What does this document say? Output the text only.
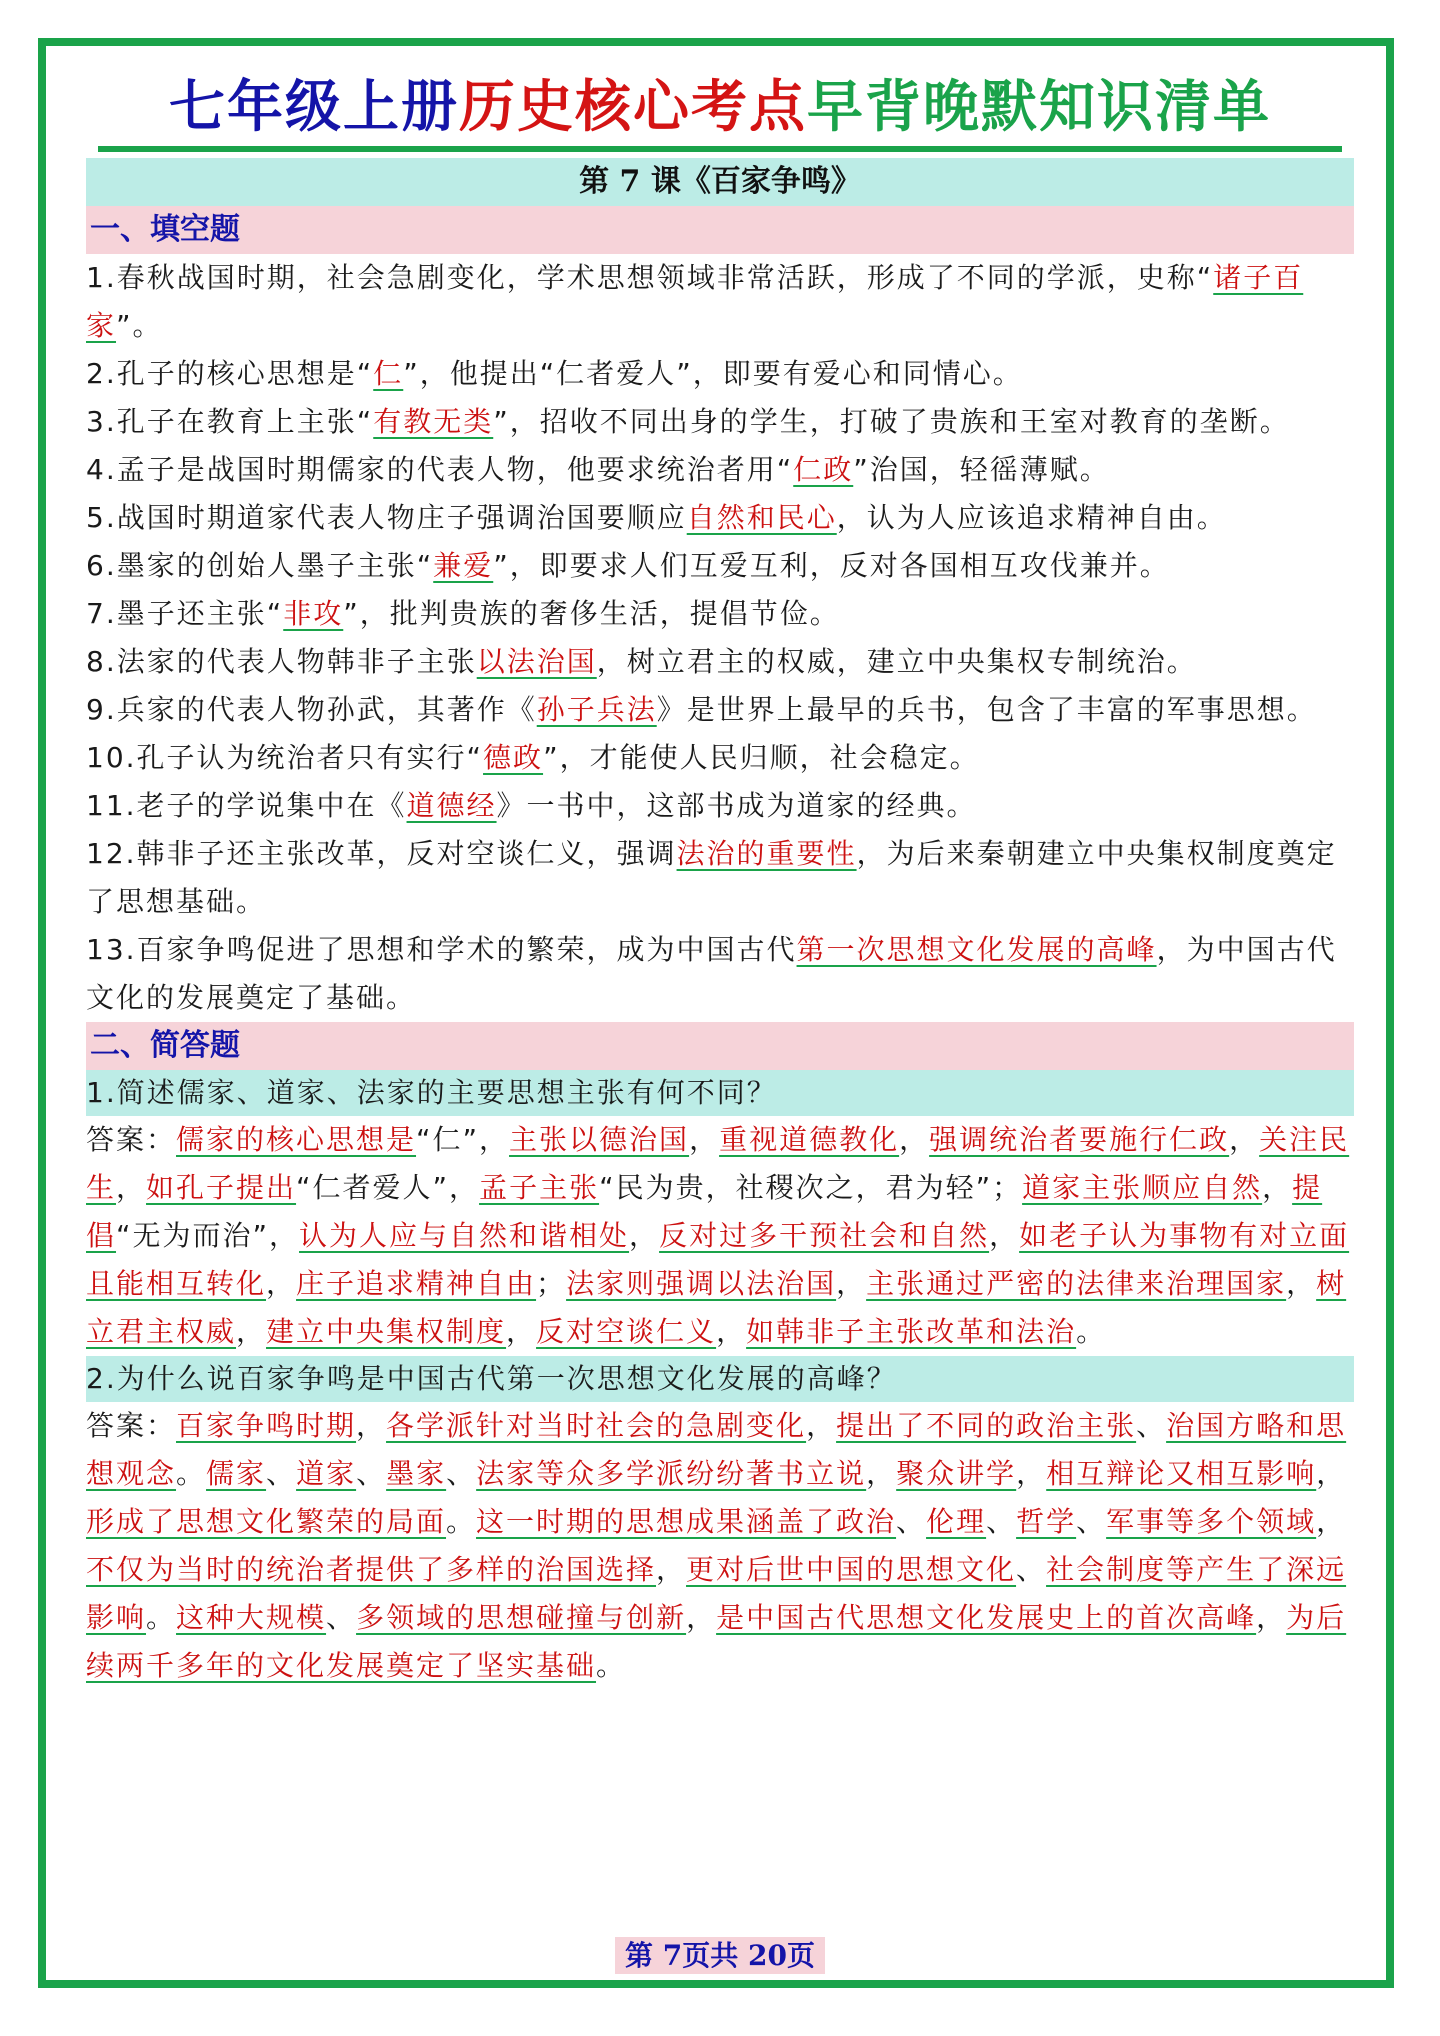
七年级上册历史核心考点早背晚默知识清单
第 7 课《百家争鸣》
一、填空题

1.春秋战国时期，社会急剧变化，学术思想领域非常活跃，形成了不同的学派，史称“诸子百家”。

2.孔子的核心思想是“仁”，他提出“仁者爱人”，即要有爱心和同情心。

3.孔子在教育上主张“有教无类”，招收不同出身的学生，打破了贵族和王室对教育的垄断。

4.孟子是战国时期儒家的代表人物，他要求统治者用“仁政”治国，轻徭薄赋。

5.战国时期道家代表人物庄子强调治国要顺应自然和民心，认为人应该追求精神自由。

6.墨家的创始人墨子主张“兼爱”，即要求人们互爱互利，反对各国相互攻伐兼并。

7.墨子还主张“非攻”，批判贵族的奢侈生活，提倡节俭。

8.法家的代表人物韩非子主张以法治国，树立君主的权威，建立中央集权专制统治。

9.兵家的代表人物孙武，其著作《孙子兵法》是世界上最早的兵书，包含了丰富的军事思想。

10.孔子认为统治者只有实行“德政”，才能使人民归顺，社会稳定。

11.老子的学说集中在《道德经》一书中，这部书成为道家的经典。

12.韩非子还主张改革，反对空谈仁义，强调法治的重要性，为后来秦朝建立中央集权制度奠定了思想基础。

13.百家争鸣促进了思想和学术的繁荣，成为中国古代第一次思想文化发展的高峰，为中国古代文化的发展奠定了基础。

二、简答题
1.简述儒家、道家、法家的主要思想主张有何不同？

答案：儒家的核心思想是“仁”，主张以德治国，重视道德教化，强调统治者要施行仁政，关注民生，如孔子提出“仁者爱人”，孟子主张“民为贵，社稷次之，君为轻”；道家主张顺应自然，提倡“无为而治”，认为人应与自然和谐相处，反对过多干预社会和自然，如老子认为事物有对立面且能相互转化，庄子追求精神自由；法家则强调以法治国，主张通过严密的法律来治理国家，树立君主权威，建立中央集权制度，反对空谈仁义，如韩非子主张改革和法治。

2.为什么说百家争鸣是中国古代第一次思想文化发展的高峰？

答案：百家争鸣时期，各学派针对当时社会的急剧变化，提出了不同的政治主张、治国方略和思想观念。儒家、道家、墨家、法家等众多学派纷纷著书立说，聚众讲学，相互辩论又相互影响，形成了思想文化繁荣的局面。这一时期的思想成果涵盖了政治、伦理、哲学、军事等多个领域，不仅为当时的统治者提供了多样的治国选择，更对后世中国的思想文化、社会制度等产生了深远影响。这种大规模、多领域的思想碰撞与创新，是中国古代思想文化发展史上的首次高峰，为后续两千多年的文化发展奠定了坚实基础。

第 7页共 20页
